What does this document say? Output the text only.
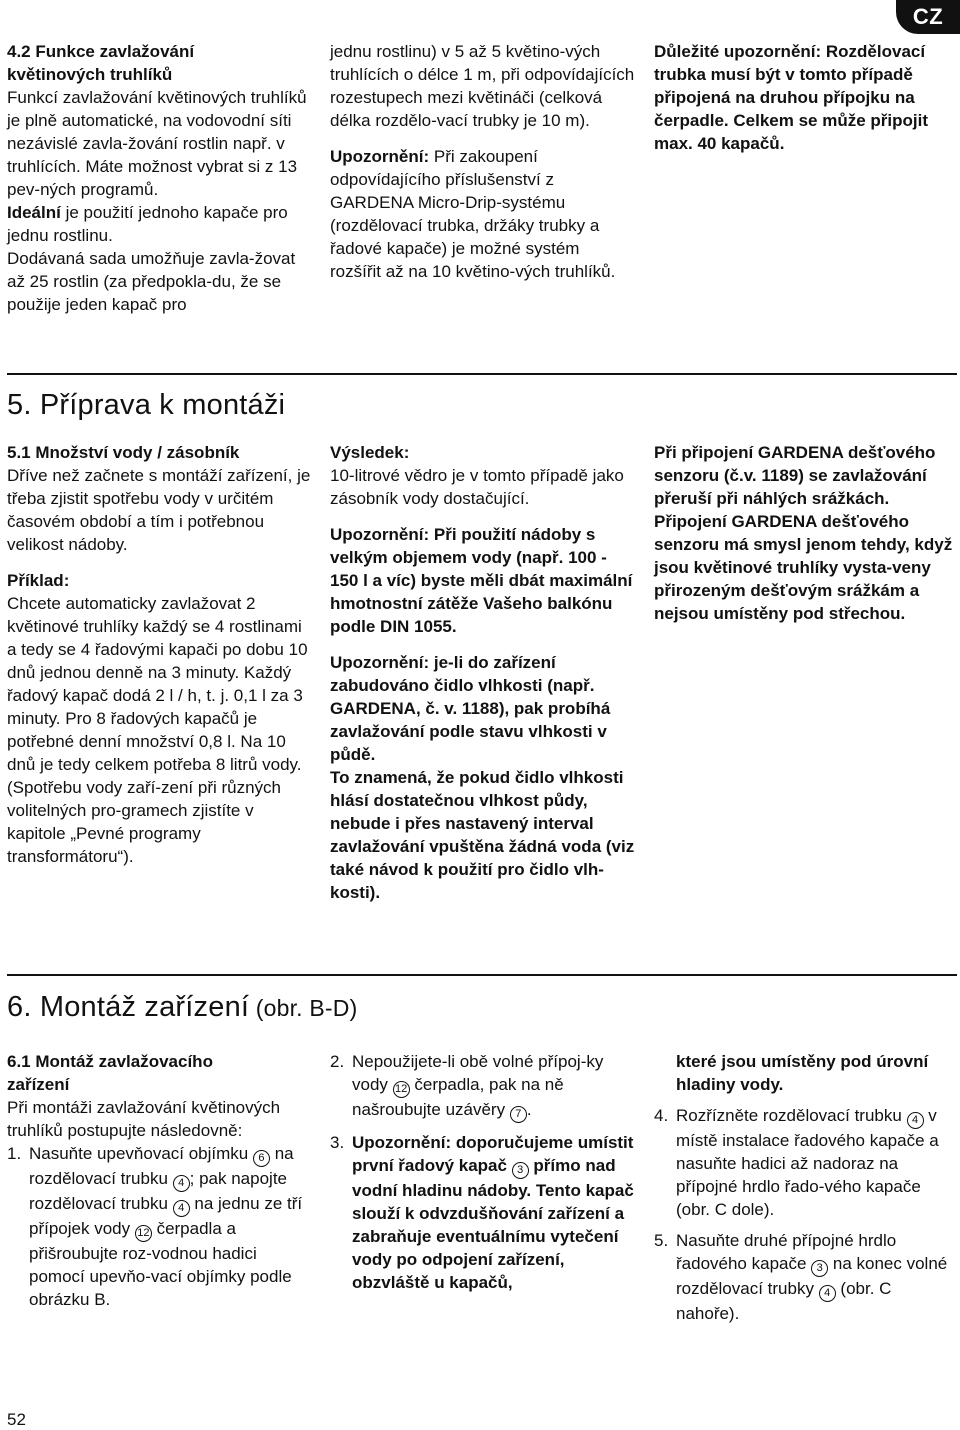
CZ

4.2 Funkce zavlažování
květinových truhlíků
Funkcí zavlažování květinových truhlíků je plně automatické, na vodovodní síti nezávislé zavla-žování rostlin např. v truhlících. Máte možnost vybrat si z 13 pev-ných programů.
Ideální je použití jednoho kapače pro jednu rostlinu.
Dodávaná sada umožňuje zavla-žovat až 25 rostlin (za předpokla-du, že se použije jeden kapač pro

jednu rostlinu) v 5 až 5 květino-vých truhlících o délce 1 m, při odpovídajících rozestupech mezi květináči (celková délka rozdělo-vací trubky je 10 m).

Upozornění: Při zakoupení odpovídajícího příslušenství z GARDENA Micro-Drip-systému (rozdělovací trubka, držáky trubky a řadové kapače) je možné systém rozšířit až na 10 květino-vých truhlíků.

Důležité upozornění: Rozdělovací trubka musí být v tomto případě připojená na druhou přípojku na čerpadle. Celkem se může připojit max. 40 kapačů.

5. Příprava k montáži

5.1 Množství vody / zásobník
Dříve než začnete s montáží zařízení, je třeba zjistit spotřebu vody v určitém časovém období a tím i potřebnou velikost nádoby.

Příklad:
Chcete automaticky zavlažovat 2 květinové truhlíky každý se 4 rostlinami a tedy se 4 řadovými kapači po dobu 10 dnů jednou denně na 3 minuty. Každý řadový kapač dodá 2 l / h, t. j. 0,1 l za 3 minuty. Pro 8 řadových kapačů je potřebné denní množství 0,8 l. Na 10 dnů je tedy celkem potřeba 8 litrů vody. (Spotřebu vody zaří-zení při různých volitelných pro-gramech zjistíte v kapitole „Pevné programy transformátoru“).

Výsledek:
10-litrové vědro je v tomto případě jako zásobník vody dostačující.

Upozornění: Při použití nádoby s velkým objemem vody (např. 100 - 150 l a víc) byste měli dbát maximální hmotnostní zátěže Vašeho balkónu podle DIN 1055.

Upozornění: je-li do zařízení zabudováno čidlo vlhkosti (např. GARDENA, č. v. 1188), pak probíhá zavlažování podle stavu vlhkosti v půdě.
To znamená, že pokud čidlo vlhkosti hlásí dostatečnou vlhkost půdy, nebude i přes nastavený interval zavlažování vpuštěna žádná voda (viz také návod k použití pro čidlo vlh-kosti).

Při připojení GARDENA dešťového senzoru (č.v. 1189) se zavlažování přeruší při náhlých srážkách. Připojení GARDENA dešťového senzoru má smysl jenom tehdy, když jsou květinové truhlíky vysta-veny přirozeným dešťovým srážkám a nejsou umístěny pod střechou.

6. Montáž zařízení (obr. B-D)

6.1 Montáž zavlažovacího
zařízení
Při montáži zavlažování květinových truhlíků postupujte následovně:

1. Nasuňte upevňovací objímku 6 na rozdělovací trubku 4 ; pak napojte rozdělovací trubku 4 na jednu ze tří přípojek vody 12 čerpadla a přišroubujte roz-vodnou hadici pomocí upevňo-vací objímky podle obrázku B.
2. Nepoužijete-li obě volné přípoj-ky vody 12 čerpadla, pak na ně našroubujte uzávěry 7 .
3. Upozornění: doporučujeme umístit první řadový kapač 3 přímo nad vodní hladinu nádoby. Tento kapač slouží k odvzdušňování zařízení a zabraňuje eventuálnímu vytečení vody po odpojení zařízení, obzvláště u kapačů,
které jsou umístěny pod úrovní hladiny vody.
4. Rozřízněte rozdělovací trubku 4 v místě instalace řadového kapače a nasuňte hadici až nadoraz na přípojné hrdlo řado-vého kapače (obr. C dole).
5. Nasuňte druhé přípojné hrdlo řadového kapače 3 na konec volné rozdělovací trubky 4 (obr. C nahoře).
52
